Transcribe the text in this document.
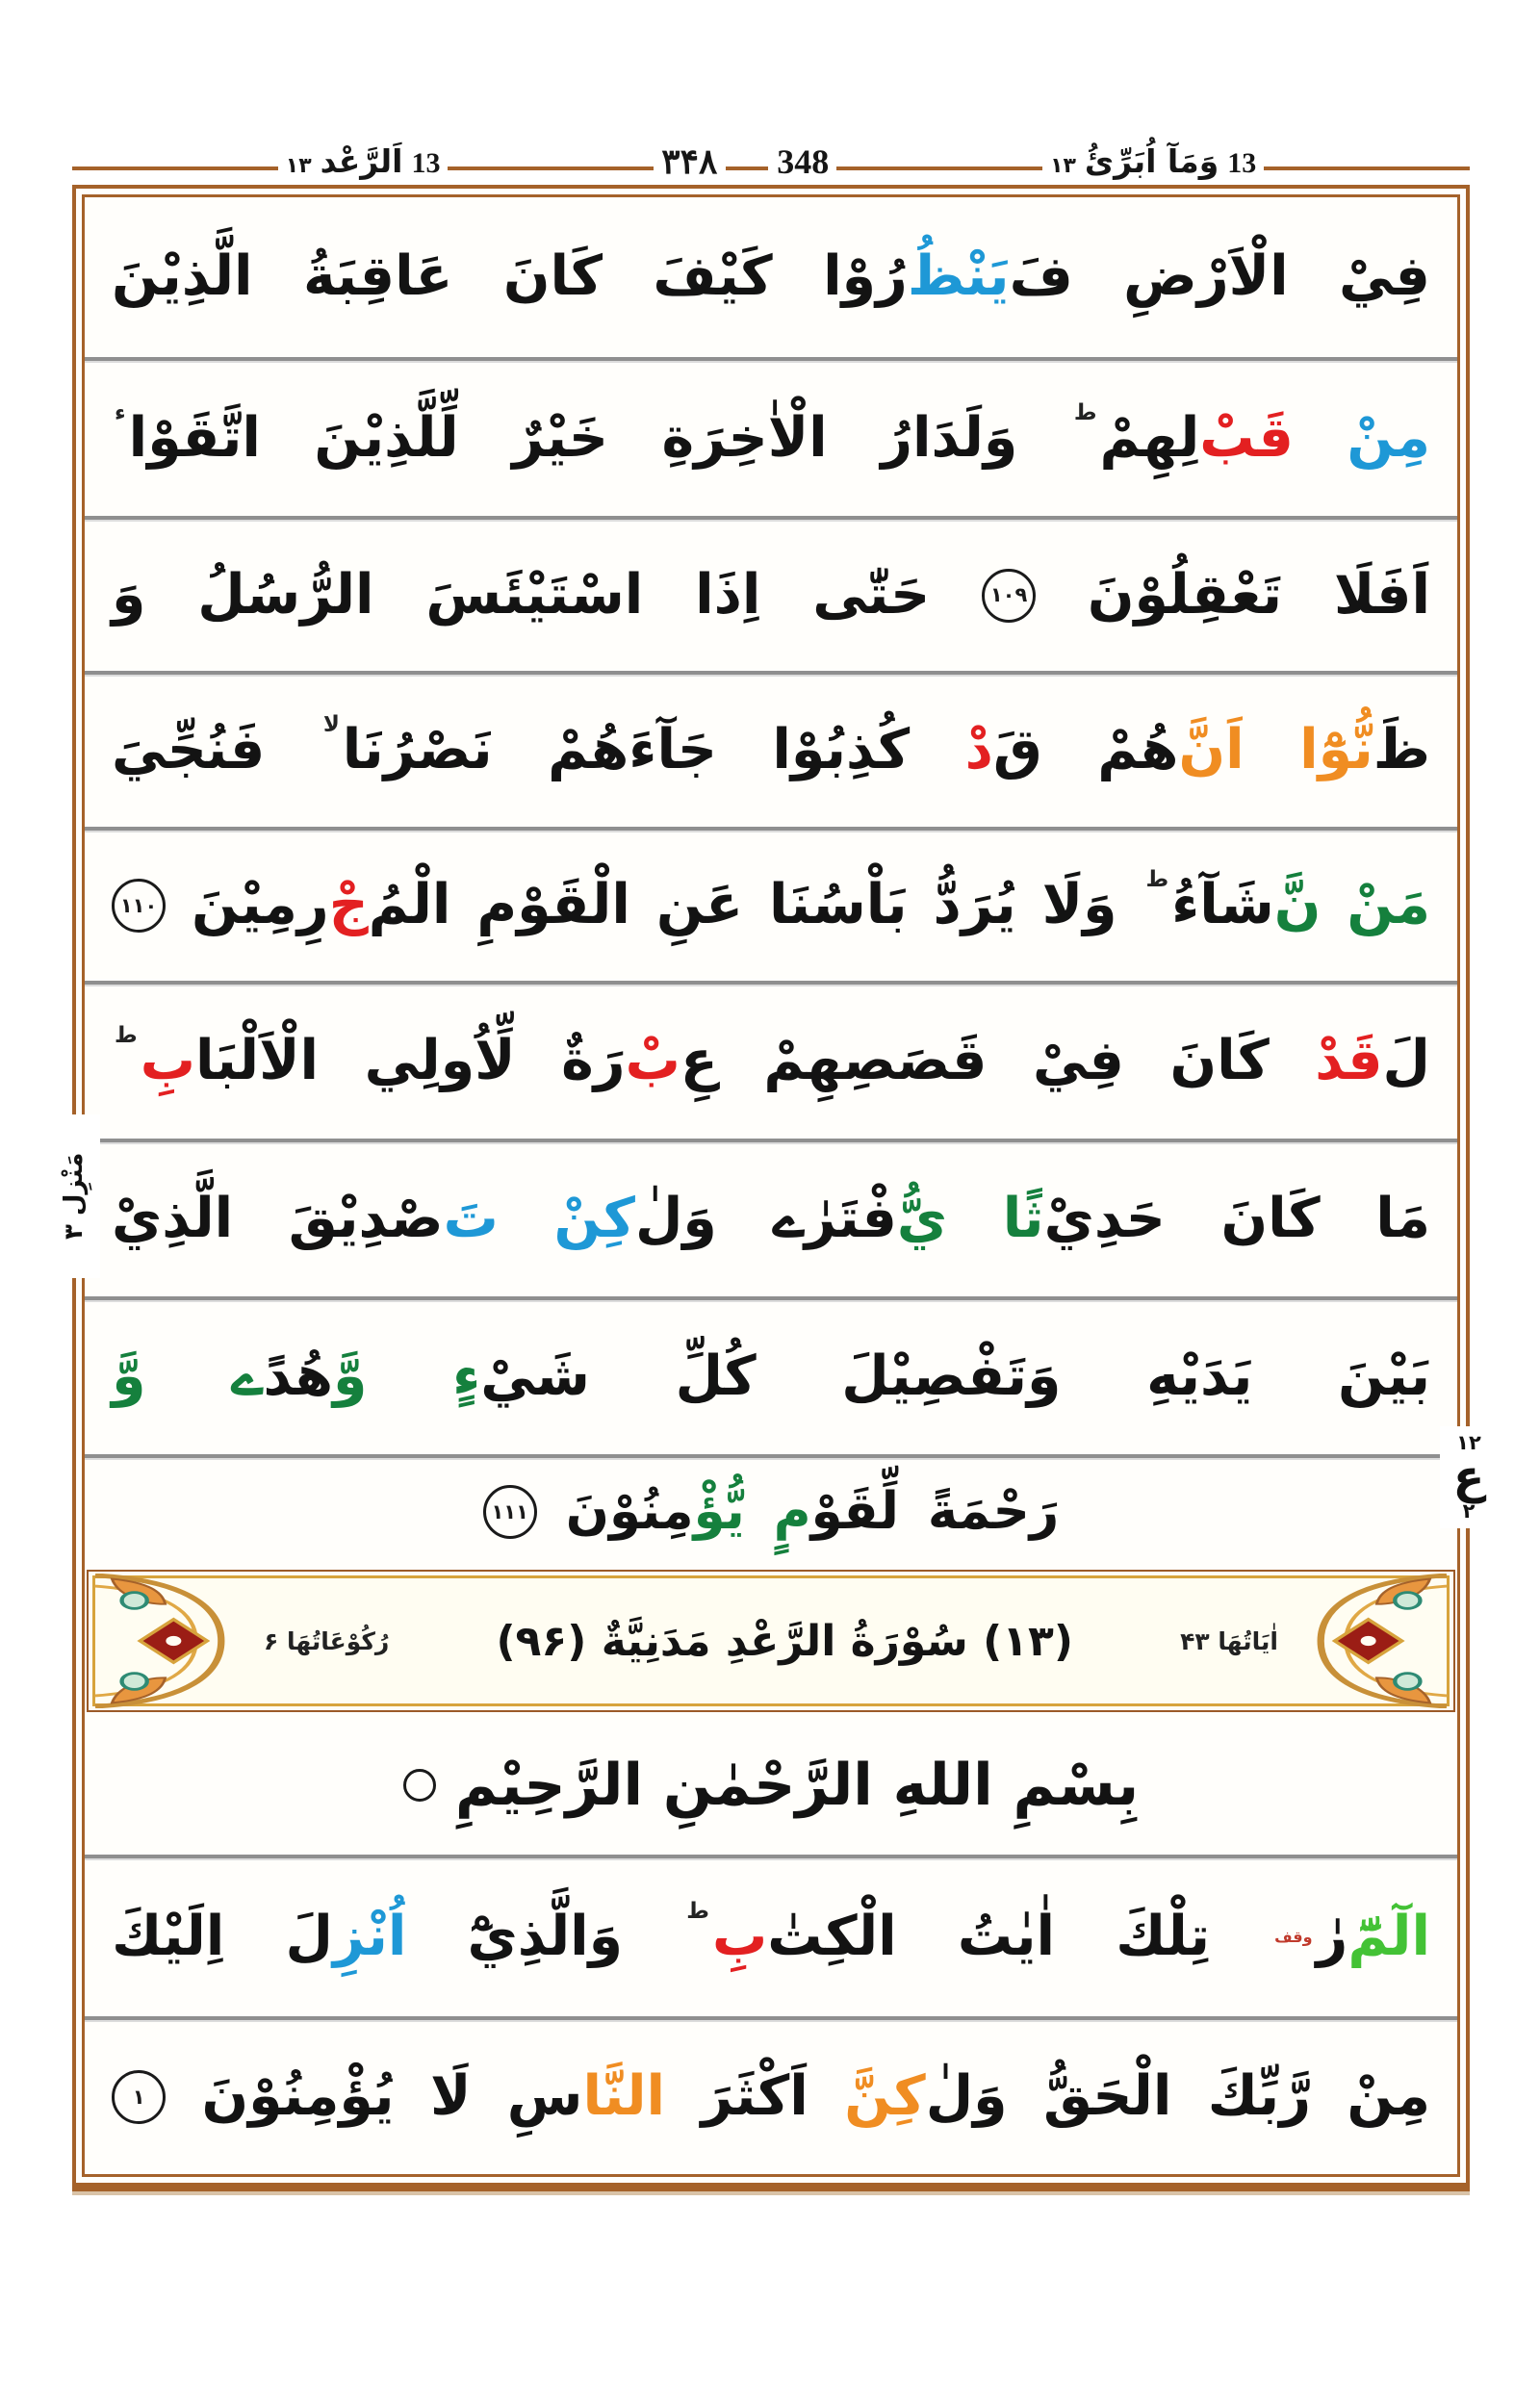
13
اَلرَّعْد
۱۳	۳۴۸ 348	13
وَمَآ اُبَرِّئُ
۱۳
فِيْ
الْاَرْضِ
فَ
يَنْظُ
رُوْا
كَيْفَ
كَانَ
عَاقِبَةُ
الَّذِيْنَ
مِنْ
قَبْ
لِهِمْ
ط
وَلَدَارُ
الْاٰخِرَةِ
خَيْرٌ
لِّلَّذِيْنَ
اتَّقَوْا
ء
اَفَلَا
تَعْقِلُوْنَ
۱۰۹
حَتّٰى
اِذَا
اسْتَيْئَسَ
الرُّسُلُ
وَ
ظَ
نُّوْٓا
اَنَّ
هُمْ
قَ
دْ
كُذِبُوْا
جَآءَهُمْ
نَصْرُنَا
لا
فَنُجِّيَ
مَنْ
نَّ
شَآءُ
ط
وَلَا
يُرَدُّ
بَاْسُنَا
عَنِ
الْقَوْمِ
الْمُ
جْ
رِمِيْنَ
۱۱۰
لَ
قَدْ
كَانَ
فِيْ
قَصَصِهِمْ
عِ
بْ
رَةٌ
لِّاُولِي
الْاَلْبَا
بِ
ط
مَا
كَانَ
حَدِيْ
ثًا
يُّ
فْتَرٰے
وَلٰ
كِنْ
تَ
صْدِيْقَ
الَّذِيْ
بَيْنَ
يَدَيْهِ
وَتَفْصِيْلَ
كُلِّ
شَيْ
ءٍ
وَّ
هُدً
ے
وَّ
رَحْمَةً
لِّقَوْ
مٍ
يُّؤْ
مِنُوْنَ
۱۱۱
اٰيَاتُهَا ۴۳
(۱۳) سُوْرَةُ الرَّعْدِ مَدَنِيَّةٌ (۹۶)
رُكُوْعَاتُهَا ۶
بِسْمِ اللهِ الرَّحْمٰنِ الرَّحِيْمِ
الٓمّٓ
رٰ
وقف
تِلْكَ
اٰيٰتُ
الْكِتٰ
بِ
ط
وَالَّذِيْٓ
اُنْزِ
لَ
اِلَيْكَ
مِنْ
رَّبِّكَ
الْحَقُّ
وَلٰ
كِنَّ
اَكْثَرَ
النَّا
سِ
لَا
يُؤْمِنُوْنَ
۱
مَنْزِل ۳
۱۲
ع
۲
